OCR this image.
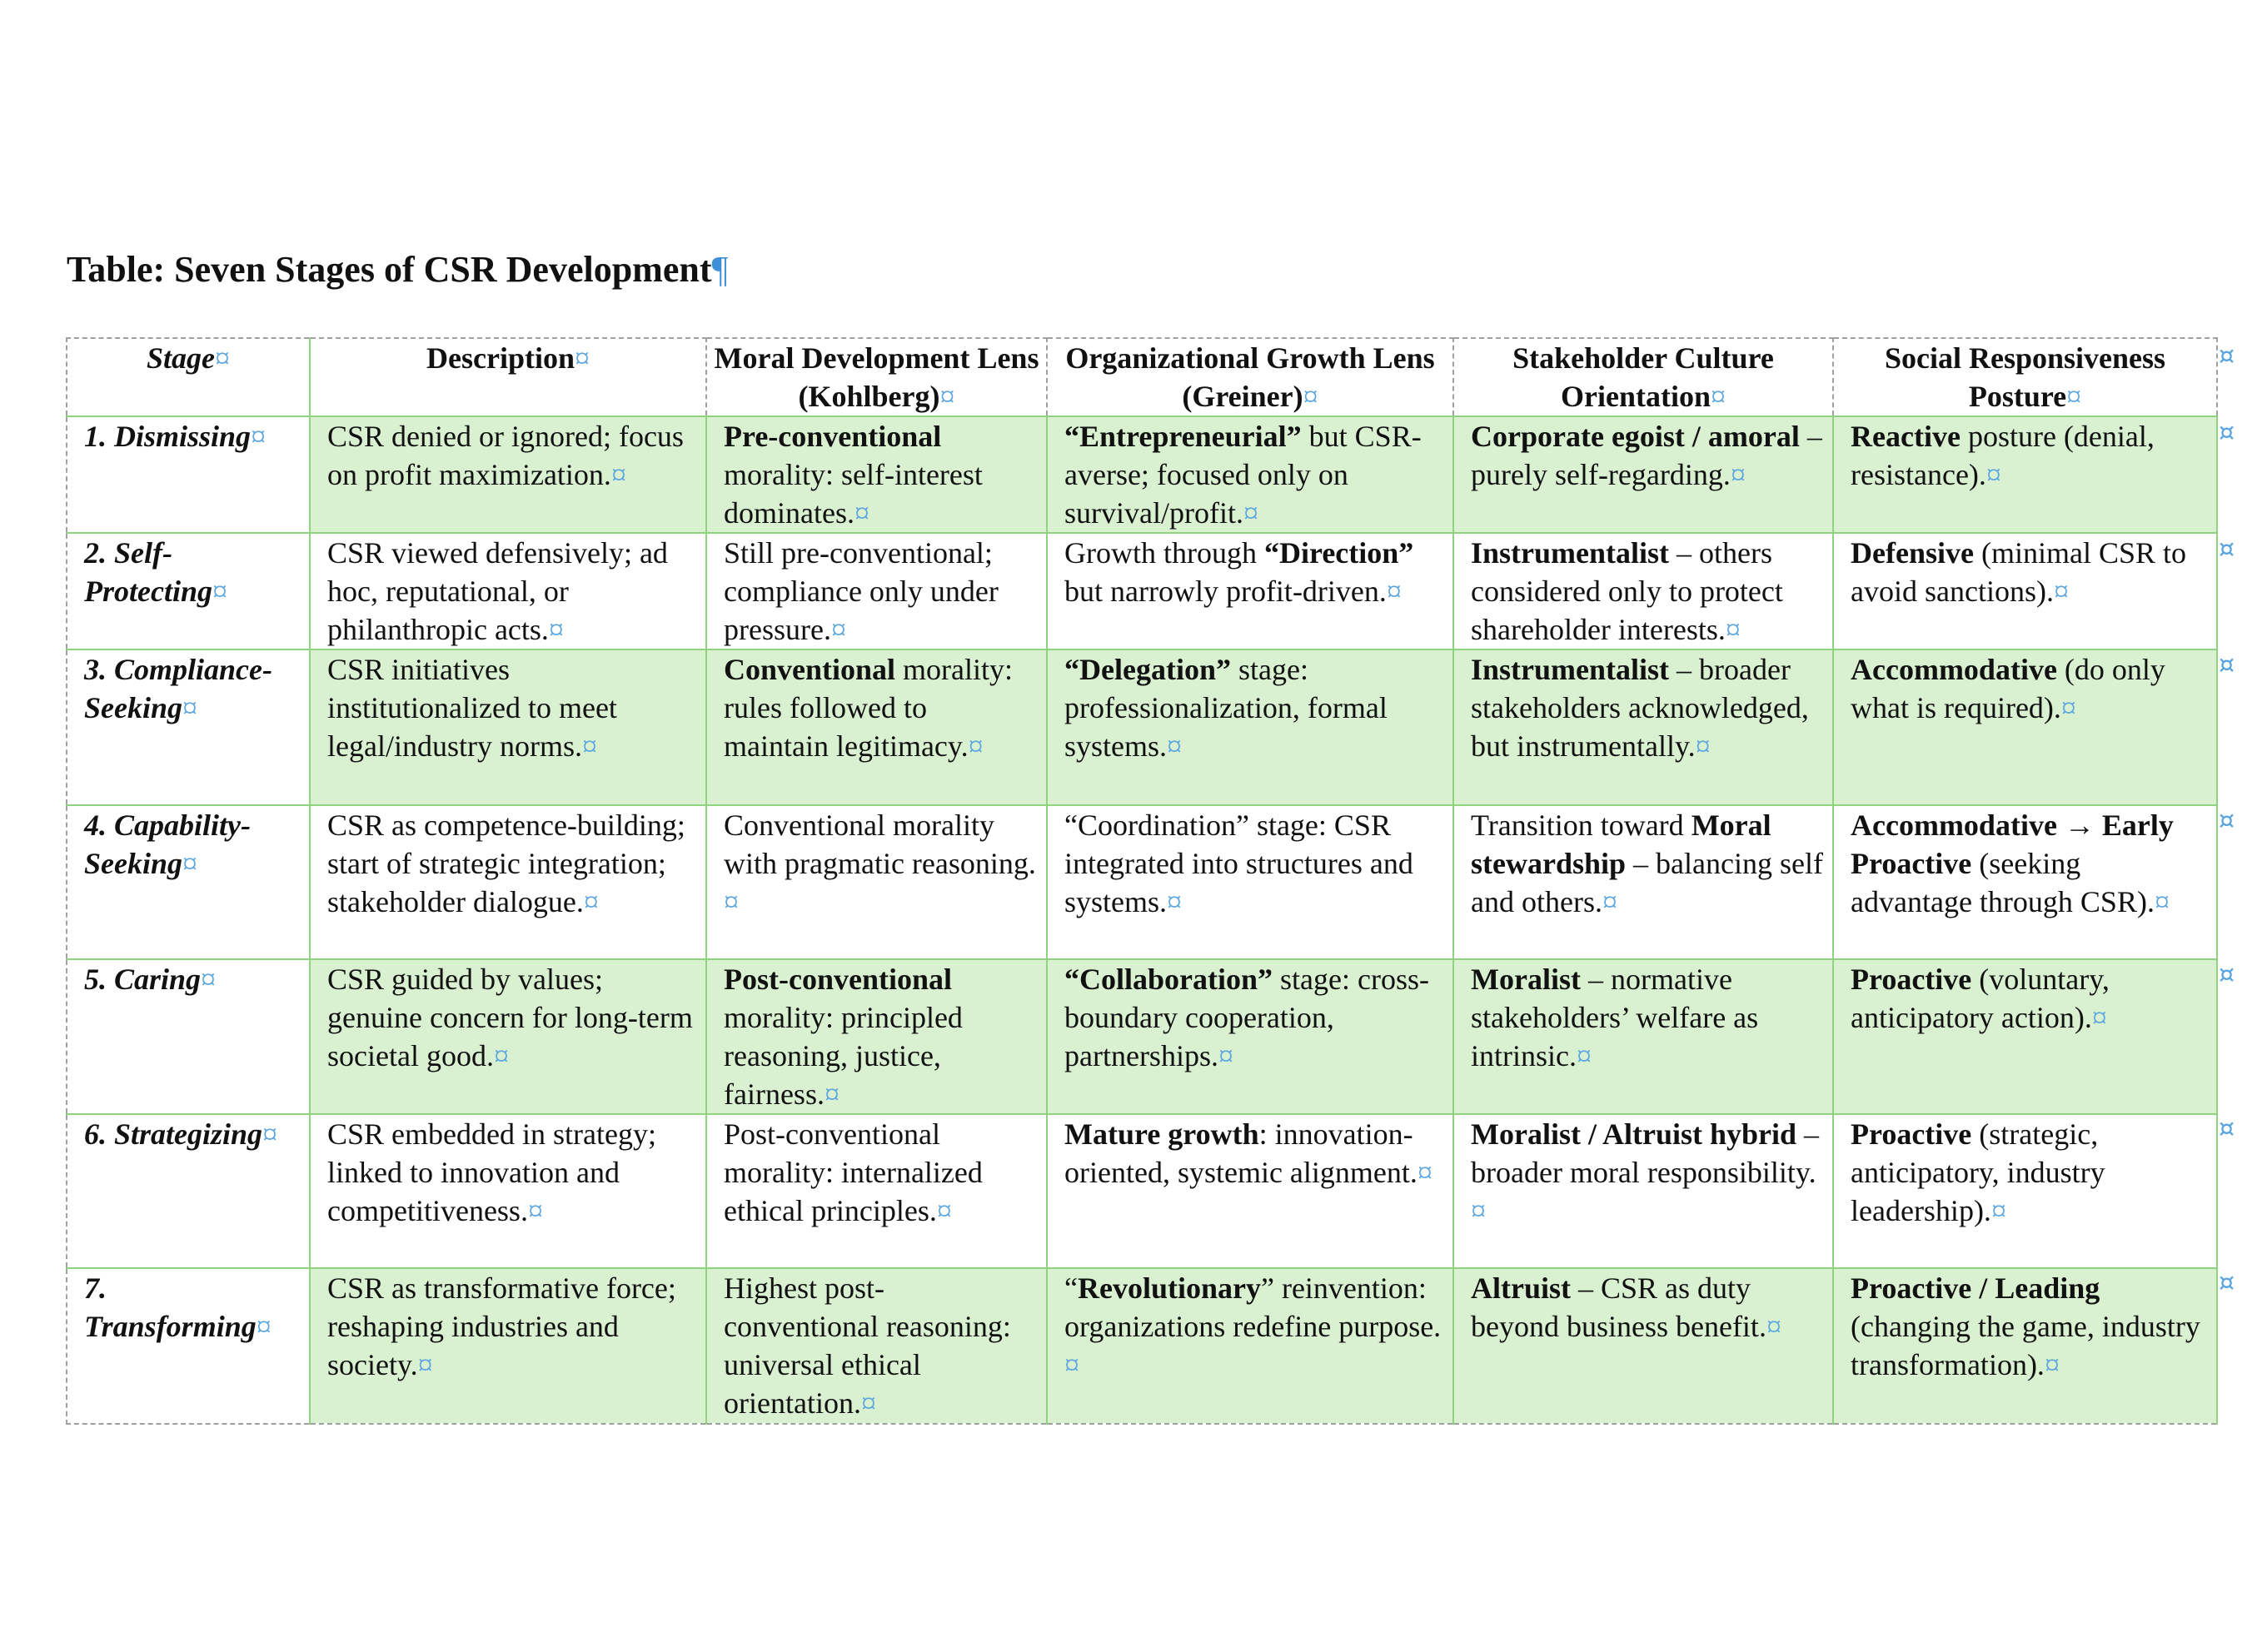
Table: Seven Stages of CSR Development¶
Stage¤	Description¤	Moral Development Lens (Kohlberg)¤	Organizational Growth Lens (Greiner)¤	Stakeholder Culture Orientation¤	Social Responsiveness Posture¤
1. Dismissing¤	CSR denied or ignored; focus on profit maximization.¤	Pre-conventional morality: self-interest dominates.¤	“Entrepreneurial” but CSR-averse; focused only on survival/profit.¤	Corporate egoist / amoral – purely self-regarding.¤	Reactive posture (denial, resistance).¤
2. Self-Protecting¤	CSR viewed defensively; ad hoc, reputational, or philanthropic acts.¤	Still pre-conventional; compliance only under pressure.¤	Growth through “Direction” but narrowly profit-driven.¤	Instrumentalist – others considered only to protect shareholder interests.¤	Defensive (minimal CSR to avoid sanctions).¤
3. Compliance-Seeking¤	CSR initiatives institutionalized to meet legal/industry norms.¤	Conventional morality: rules followed to maintain legitimacy.¤	“Delegation” stage: professionalization, formal systems.¤	Instrumentalist – broader stakeholders acknowledged, but instrumentally.¤	Accommodative (do only what is required).¤
4. Capability-Seeking¤	CSR as competence-building; start of strategic integration; stakeholder dialogue.¤	Conventional morality with pragmatic reasoning.¤	“Coordination” stage: CSR integrated into structures and systems.¤	Transition toward Moral stewardship – balancing self and others.¤	Accommodative → Early Proactive (seeking advantage through CSR).¤
5. Caring¤	CSR guided by values; genuine concern for long-term societal good.¤	Post-conventional morality: principled reasoning, justice, fairness.¤	“Collaboration” stage: cross-boundary cooperation, partnerships.¤	Moralist – normative stakeholders’ welfare as intrinsic.¤	Proactive (voluntary, anticipatory action).¤
6. Strategizing¤	CSR embedded in strategy; linked to innovation and competitiveness.¤	Post-conventional morality: internalized ethical principles.¤	Mature growth: innovation-oriented, systemic alignment.¤	Moralist / Altruist hybrid – broader moral responsibility.¤	Proactive (strategic, anticipatory, industry leadership).¤
7. Transforming¤	CSR as transformative force; reshaping industries and society.¤	Highest post-conventional reasoning: universal ethical orientation.¤	“Revolutionary” reinvention: organizations redefine purpose.¤	Altruist – CSR as duty beyond business benefit.¤	Proactive / Leading (changing the game, industry transformation).¤
¤
¤
¤
¤
¤
¤
¤
¤
